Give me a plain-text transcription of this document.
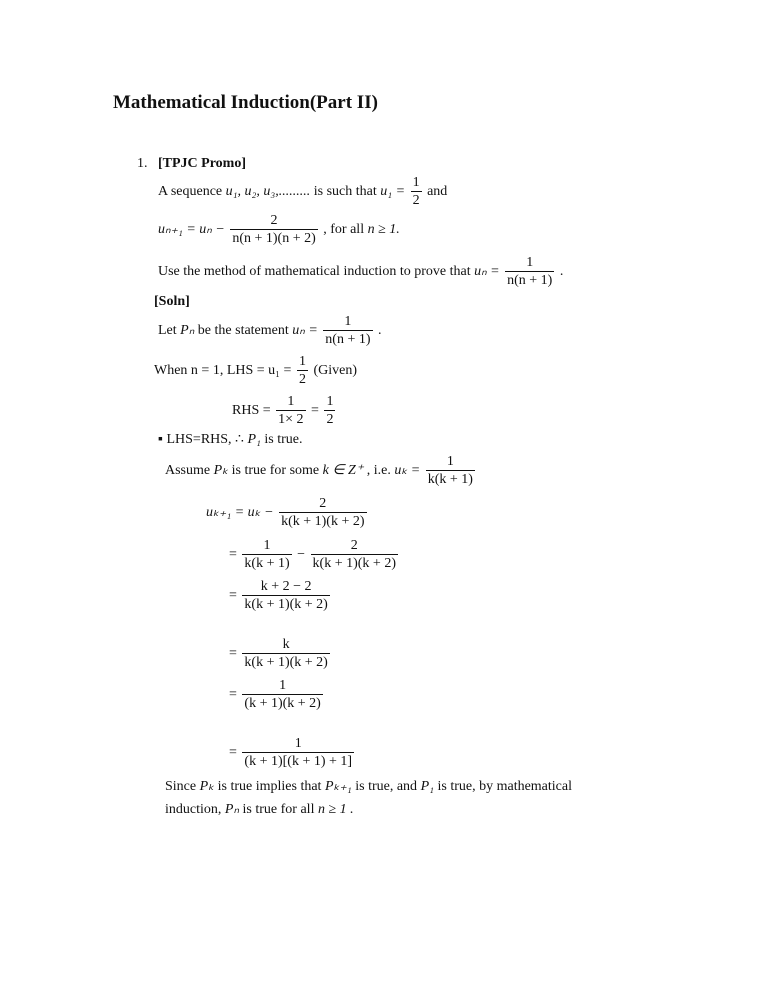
Mathematical Induction(Part II)
1. [TPJC Promo]
A sequence u₁, u₂, u₃,......... is such that $u_1 = \frac{1}{2}$ and
$u_{n+1} = u_n - \frac{2}{n(n + 1)(n + 2)}$ , for all n ≥ 1.
Use the method of mathematical induction to prove that $u_n = \frac{1}{n(n + 1)}$ .
[Soln]
Let Pₙ be the statement $u_n = \frac{1}{n(n + 1)}$ .
When n = 1, LHS = $u_1 = \frac{1}{2}$ (Given)
RHS = $\frac{1}{1\times 2} = \frac{1}{2}$
▪ LHS=RHS, ∴ P₁ is true.
Assume Pₖ is true for some k ∈ Z⁺ , i.e. $u_k = \frac{1}{k(k + 1)}$
$u_{k+1} = u_k - \frac{2}{k(k + 1)(k + 2)}$
= $\frac{1}{k(k + 1)} - \frac{2}{k(k + 1)(k + 2)}$
= $\frac{k + 2 - 2}{k(k + 1)(k + 2)}$
= $\frac{k}{k(k + 1)(k + 2)}$
= $\frac{1}{(k + 1)(k + 2)}$
= $\frac{1}{(k + 1)[(k + 1) + 1]}$
Since Pₖ is true implies that Pₖ₊₁ is true, and P₁ is true, by mathematical
induction, Pₙ is true for all n ≥ 1 .
